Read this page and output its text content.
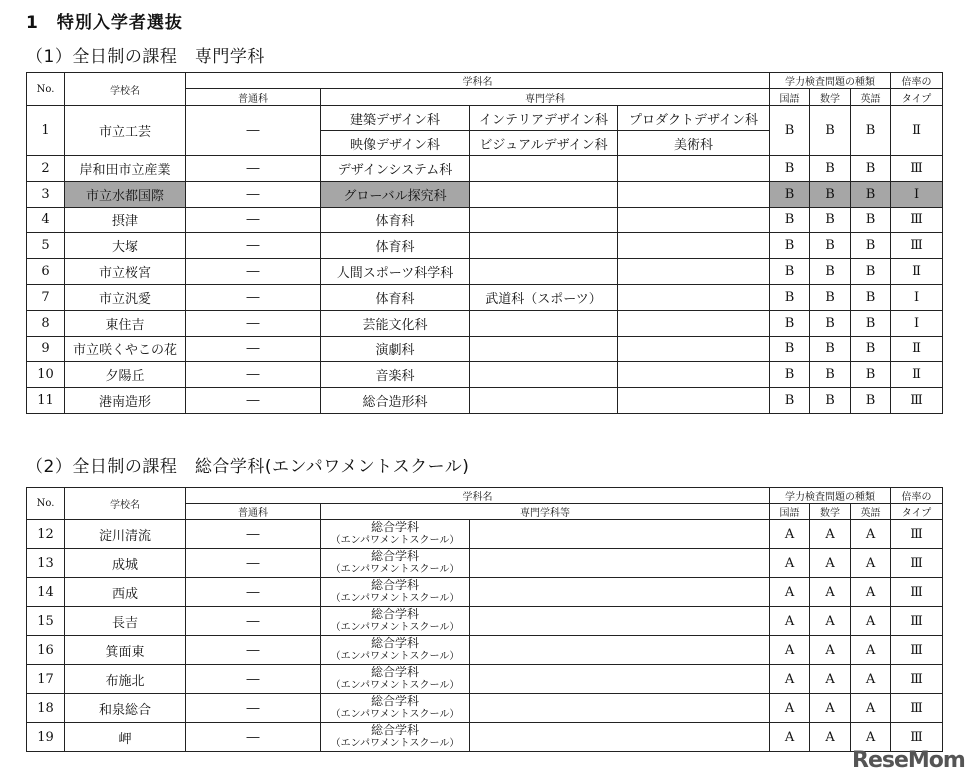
1　特別入学者選抜
（1）全日制の課程　専門学科
No.	学校名	学科名				学力検査問題の種類			倍率の
		普通科	専門学科			国語	数学	英語	タイプ
1	市立工芸	―	建築デザイン科	インテリアデザイン科	プロダクトデザイン科	B	B	B	Ⅱ
			映像デザイン科	ビジュアルデザイン科	美術科				
2	岸和田市立産業	―	デザインシステム科			B	B	B	Ⅲ
3	市立水都国際	―	グローバル探究科			B	B	B	Ⅰ
4	摂津	―	体育科			B	B	B	Ⅲ
5	大塚	―	体育科			B	B	B	Ⅲ
6	市立桜宮	―	人間スポーツ科学科			B	B	B	Ⅱ
7	市立汎愛	―	体育科	武道科（スポーツ）		B	B	B	Ⅰ
8	東住吉	―	芸能文化科			B	B	B	Ⅰ
9	市立咲くやこの花	―	演劇科			B	B	B	Ⅱ
10	夕陽丘	―	音楽科			B	B	B	Ⅱ
11	港南造形	―	総合造形科			B	B	B	Ⅲ
（2）全日制の課程　総合学科(エンパワメントスクール)
No.	学校名	学科名			学力検査問題の種類			倍率の
		普通科	専門学科等		国語	数学	英語	タイプ
12	淀川清流	―	総合学科
（エンパワメントスクール）		A	A	A	Ⅲ
13	成城	―	総合学科
（エンパワメントスクール）		A	A	A	Ⅲ
14	西成	―	総合学科
（エンパワメントスクール）		A	A	A	Ⅲ
15	長吉	―	総合学科
（エンパワメントスクール）		A	A	A	Ⅲ
16	箕面東	―	総合学科
（エンパワメントスクール）		A	A	A	Ⅲ
17	布施北	―	総合学科
（エンパワメントスクール）		A	A	A	Ⅲ
18	和泉総合	―	総合学科
（エンパワメントスクール）		A	A	A	Ⅲ
19	岬	―	総合学科
（エンパワメントスクール）		A	A	A	Ⅲ
ReseMom
